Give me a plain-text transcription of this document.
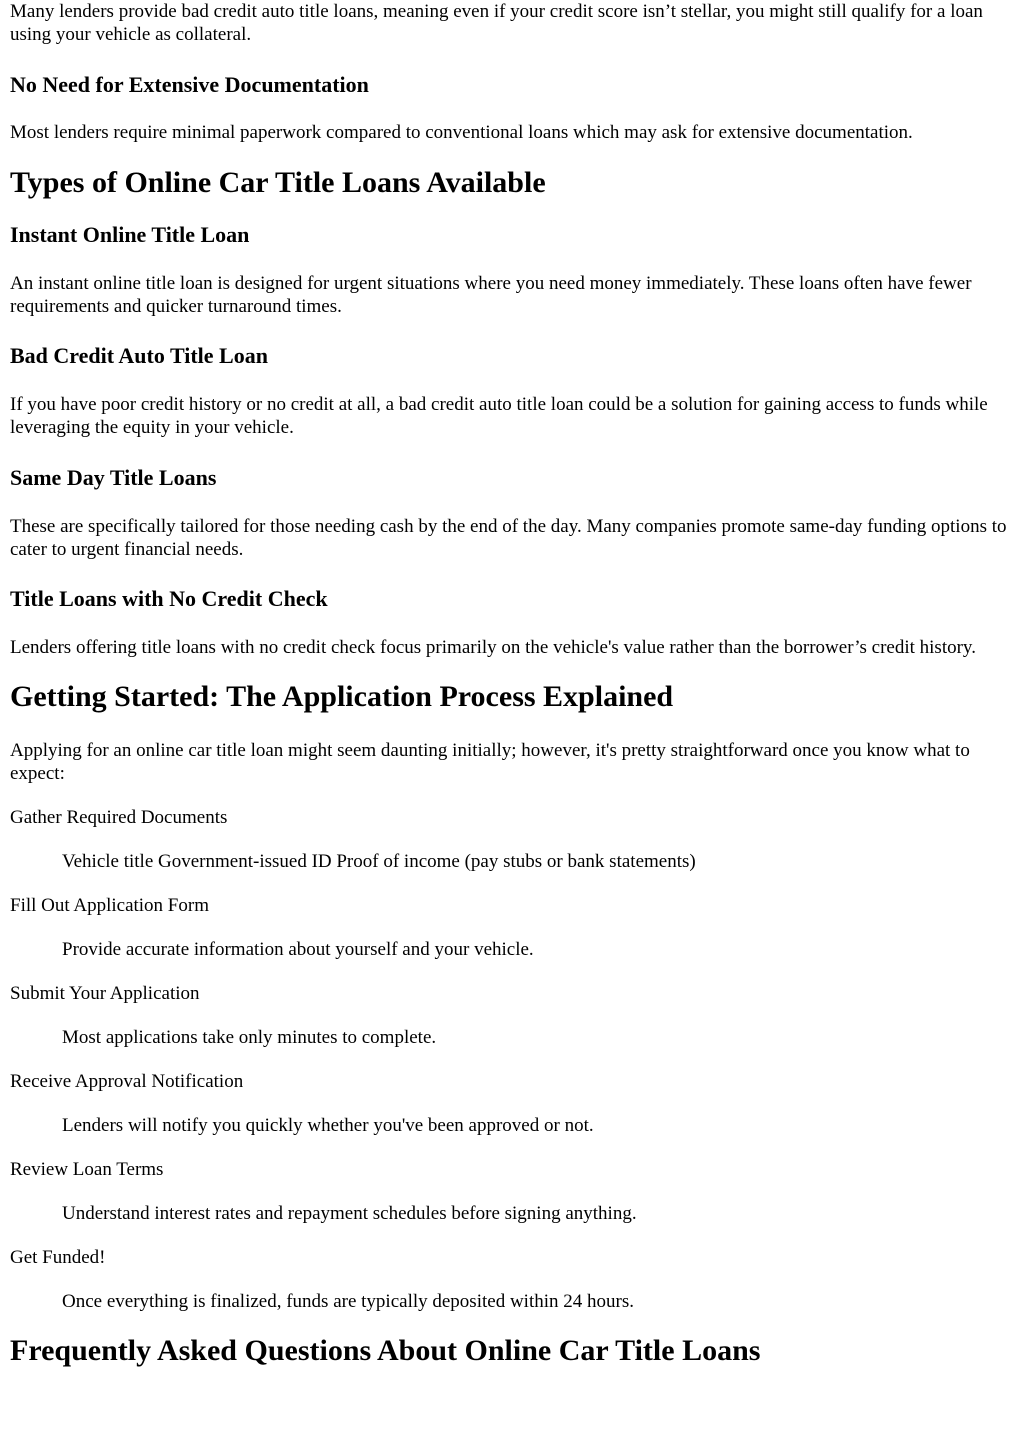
Many lenders provide bad credit auto title loans, meaning even if your credit score isn’t stellar, you might still qualify for a loan using your vehicle as collateral.

No Need for Extensive Documentation

Most lenders require minimal paperwork compared to conventional loans which may ask for extensive documentation.

Types of Online Car Title Loans Available
Instant Online Title Loan

An instant online title loan is designed for urgent situations where you need money immediately. These loans often have fewer requirements and quicker turnaround times.

Bad Credit Auto Title Loan

If you have poor credit history or no credit at all, a bad credit auto title loan could be a solution for gaining access to funds while leveraging the equity in your vehicle.

Same Day Title Loans

These are specifically tailored for those needing cash by the end of the day. Many companies promote same-day funding options to cater to urgent financial needs.

Title Loans with No Credit Check

Lenders offering title loans with no credit check focus primarily on the vehicle's value rather than the borrower’s credit history.

Getting Started: The Application Process Explained

Applying for an online car title loan might seem daunting initially; however, it's pretty straightforward once you know what to expect:

Gather Required Documents
Vehicle title Government-issued ID Proof of income (pay stubs or bank statements)
Fill Out Application Form
Provide accurate information about yourself and your vehicle.
Submit Your Application
Most applications take only minutes to complete.
Receive Approval Notification
Lenders will notify you quickly whether you've been approved or not.
Review Loan Terms
Understand interest rates and repayment schedules before signing anything.
Get Funded!
Once everything is finalized, funds are typically deposited within 24 hours.
Frequently Asked Questions About Online Car Title Loans
